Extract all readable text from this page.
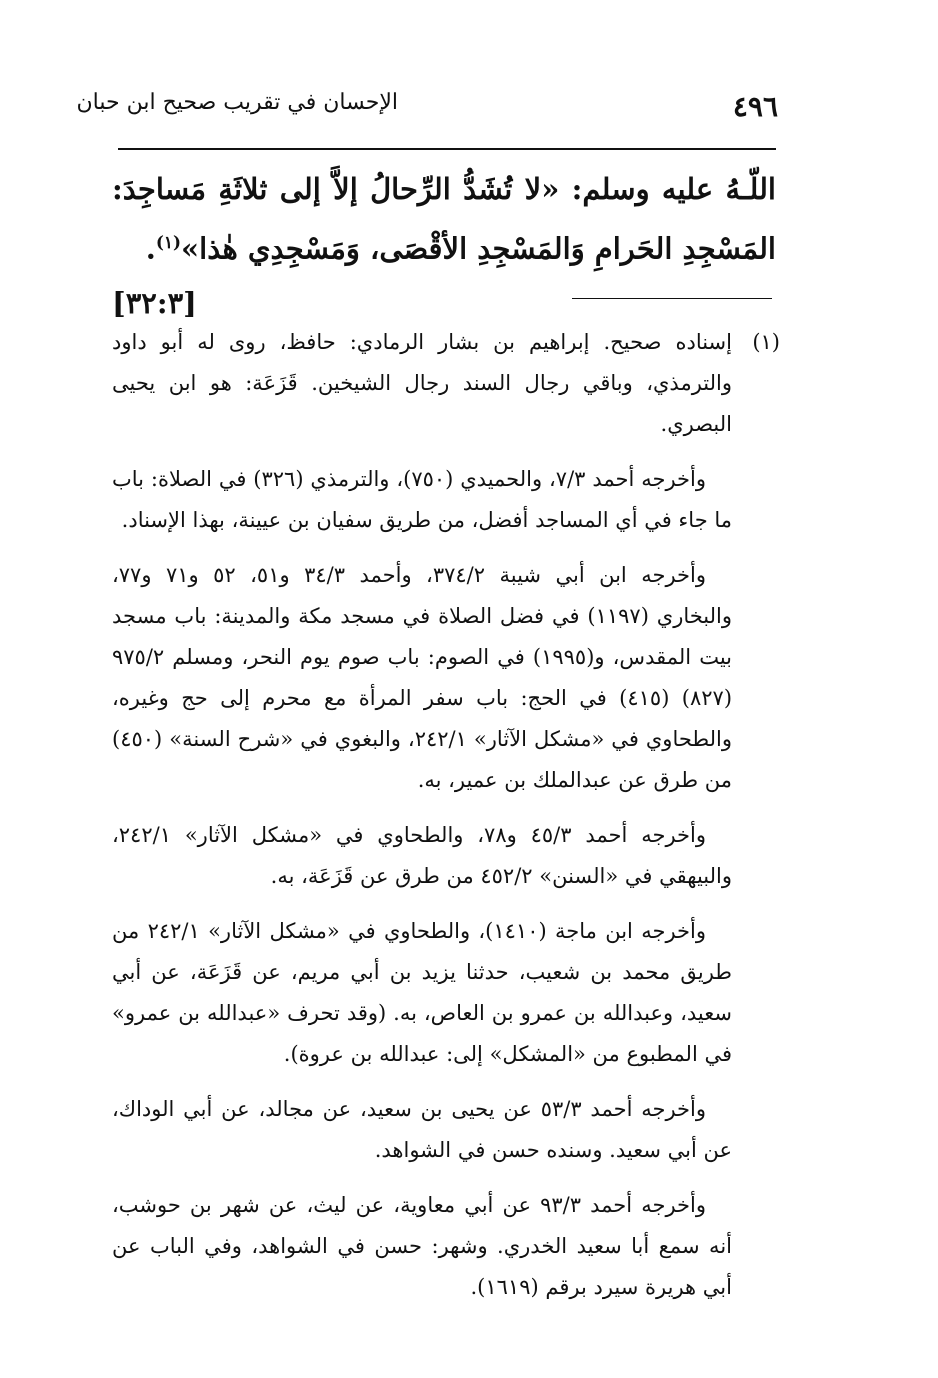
٤٩٦
الإحسان في تقريب صحيح ابن حبان
اللّـهُ عليه وسلم: «لا تُشَدُّ الرِّحالُ إلاَّ إلى ثلاثَةِ مَساجِدَ: المَسْجِدِ الحَرامِ وَالمَسْجِدِ الأقْصَى، وَمَسْجِدِي هٰذا»$^{(١)}$.
[٣٢:٣]
(١)
إسناده صحيح. إبراهيم بن بشار الرمادي: حافظ، روى له أبو داود والترمذي، وباقي رجال السند رجال الشيخين. قَزَعَة: هو ابن يحيى البصري.

وأخرجه أحمد ٧/٣، والحميدي (٧٥٠)، والترمذي (٣٢٦) في الصلاة: باب ما جاء في أي المساجد أفضل، من طريق سفيان بن عيينة، بهذا الإسناد.

وأخرجه ابن أبي شيبة ٣٧٤/٢، وأحمد ٣٤/٣ و٥١، ٥٢ و٧١ و٧٧، والبخاري (١١٩٧) في فضل الصلاة في مسجد مكة والمدينة: باب مسجد بيت المقدس، و(١٩٩٥) في الصوم: باب صوم يوم النحر، ومسلم ٩٧٥/٢ (٨٢٧) (٤١٥) في الحج: باب سفر المرأة مع محرم إلى حج وغيره، والطحاوي في «مشكل الآثار» ٢٤٢/١، والبغوي في «شرح السنة» (٤٥٠) من طرق عن عبدالملك بن عمير، به.

وأخرجه أحمد ٤٥/٣ و٧٨، والطحاوي في «مشكل الآثار» ٢٤٢/١، والبيهقي في «السنن» ٤٥٢/٢ من طرق عن قَزَعَة، به.

وأخرجه ابن ماجة (١٤١٠)، والطحاوي في «مشكل الآثار» ٢٤٢/١ من طريق محمد بن شعيب، حدثنا يزيد بن أبي مريم، عن قَزَعَة، عن أبي سعيد، وعبدالله بن عمرو بن العاص، به. (وقد تحرف «عبدالله بن عمرو» في المطبوع من «المشكل» إلى: عبدالله بن عروة).

وأخرجه أحمد ٥٣/٣ عن يحيى بن سعيد، عن مجالد، عن أبي الوداك، عن أبي سعيد. وسنده حسن في الشواهد.

وأخرجه أحمد ٩٣/٣ عن أبي معاوية، عن ليث، عن شهر بن حوشب، أنه سمع أبا سعيد الخدري. وشهر: حسن في الشواهد، وفي الباب عن أبي هريرة سيرد برقم (١٦١٩).
